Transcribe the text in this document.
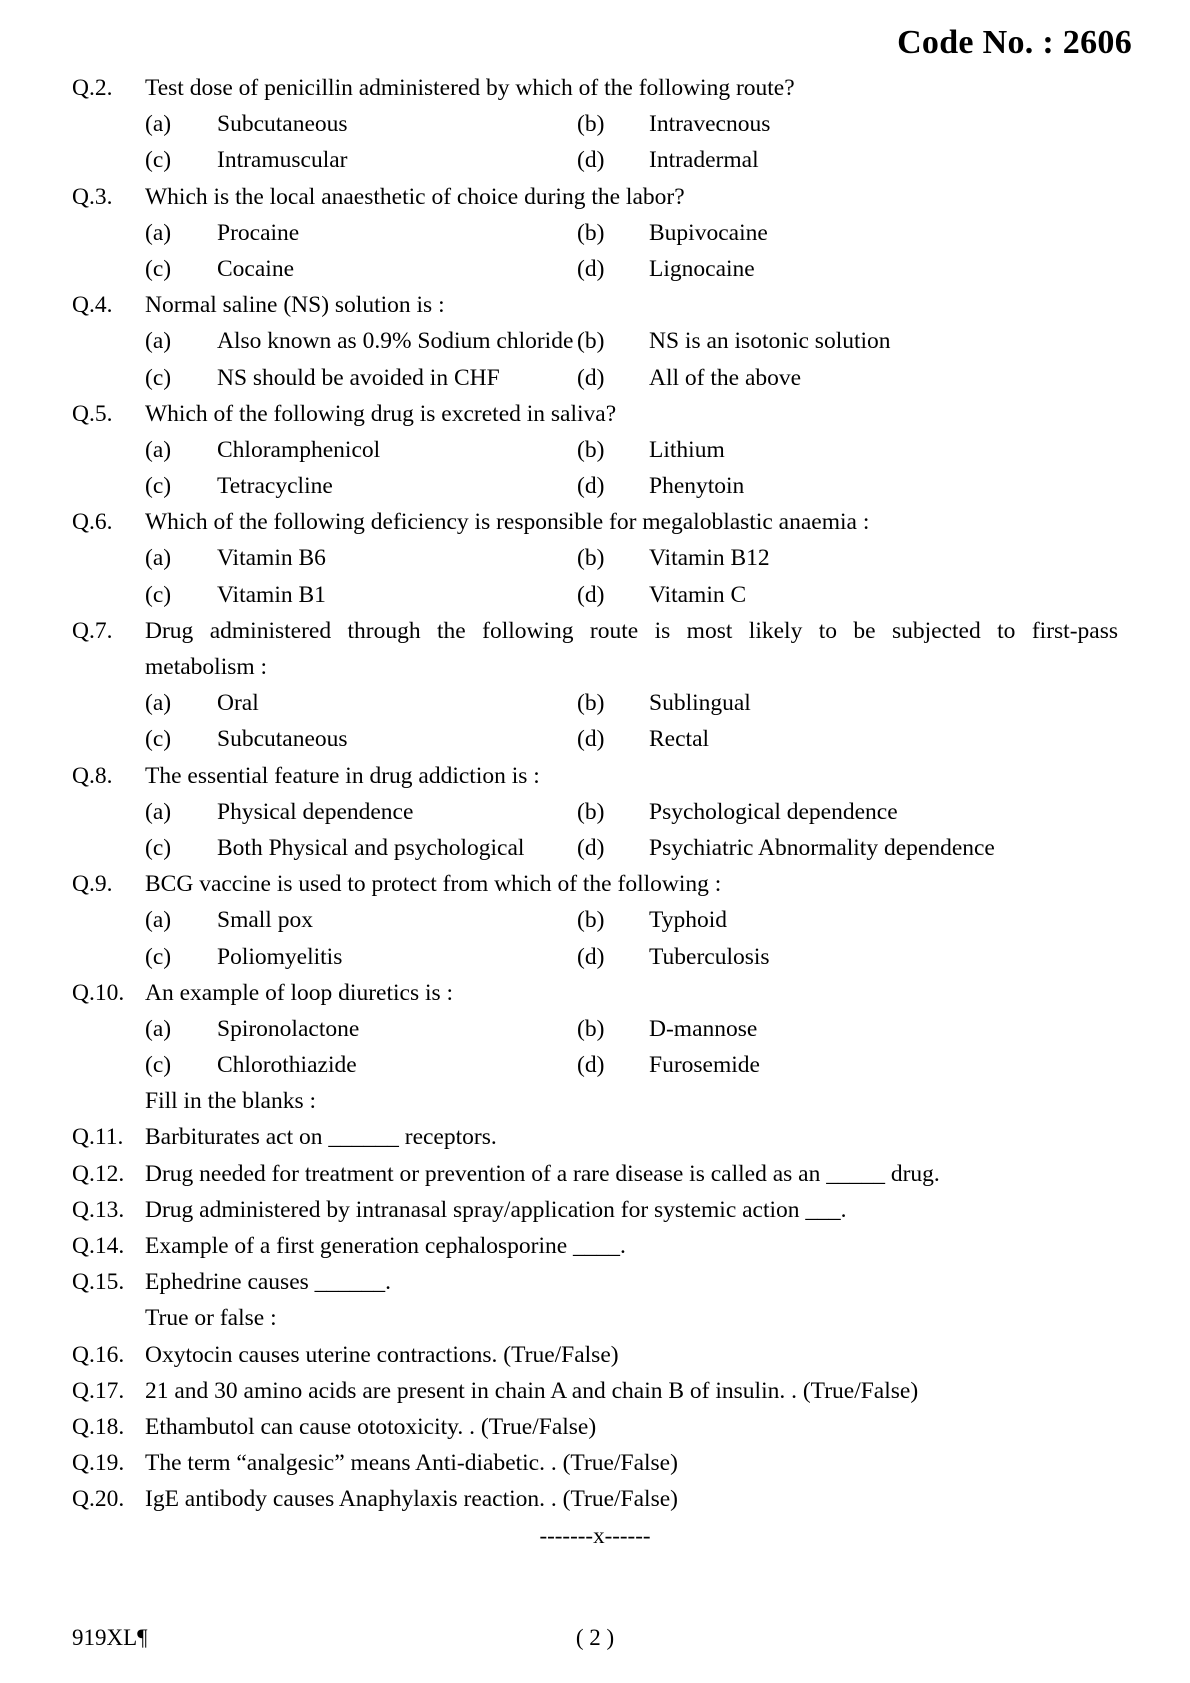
Code No. : 2606
Q.2.	Test dose of penicillin administered by which of the following route?
(a)	Subcutaneous	(b)	Intravecnous
(c)	Intramuscular	(d)	Intradermal
Q.3.	Which is the local anaesthetic of choice during the labor?
(a)	Procaine	(b)	Bupivocaine
(c)	Cocaine	(d)	Lignocaine
Q.4.	Normal saline (NS) solution is :
(a)	Also known as 0.9% Sodium chloride (b)	NS is an isotonic solution
(c)	NS should be avoided in CHF	(d)	All of the above
Q.5.	Which of the following drug is excreted in saliva?
(a)	Chloramphenicol	(b)	Lithium
(c)	Tetracycline	(d)	Phenytoin
Q.6.	Which of the following deficiency is responsible for megaloblastic anaemia :
(a)	Vitamin B6	(b)	Vitamin B12
(c)	Vitamin B1	(d)	Vitamin C
Q.7.	Drug administered through the following route is most likely to be subjected to first-pass
metabolism :
(a)	Oral	(b)	Sublingual
(c)	Subcutaneous	(d)	Rectal
Q.8.	The essential feature in drug addiction is :
(a)	Physical dependence	(b)	Psychological dependence
(c)	Both Physical and psychological	(d)	Psychiatric Abnormality dependence
Q.9.	BCG vaccine is used to protect from which of the following :
(a)	Small pox	(b)	Typhoid
(c)	Poliomyelitis	(d)	Tuberculosis
Q.10. An example of loop diuretics is :
(a)	Spironolactone	(b)	D-mannose
(c)	Chlorothiazide	(d)	Furosemide
Fill in the blanks :
Q.11. Barbiturates act on ______ receptors.
Q.12. Drug needed for treatment or prevention of a rare disease is called as an _____ drug.
Q.13. Drug administered by intranasal spray/application for systemic action ___.
Q.14. Example of a first generation cephalosporine ____.
Q.15. Ephedrine causes ______.
True or false :
Q.16. Oxytocin causes uterine contractions. (True/False)
Q.17. 21 and 30 amino acids are present in chain A and chain B of insulin. . (True/False)
Q.18. Ethambutol can cause ototoxicity. . (True/False)
Q.19. The term “analgesic” means Anti-diabetic. . (True/False)
Q.20. IgE antibody causes Anaphylaxis reaction. . (True/False)
-------x------
919XL¶	( 2 )
